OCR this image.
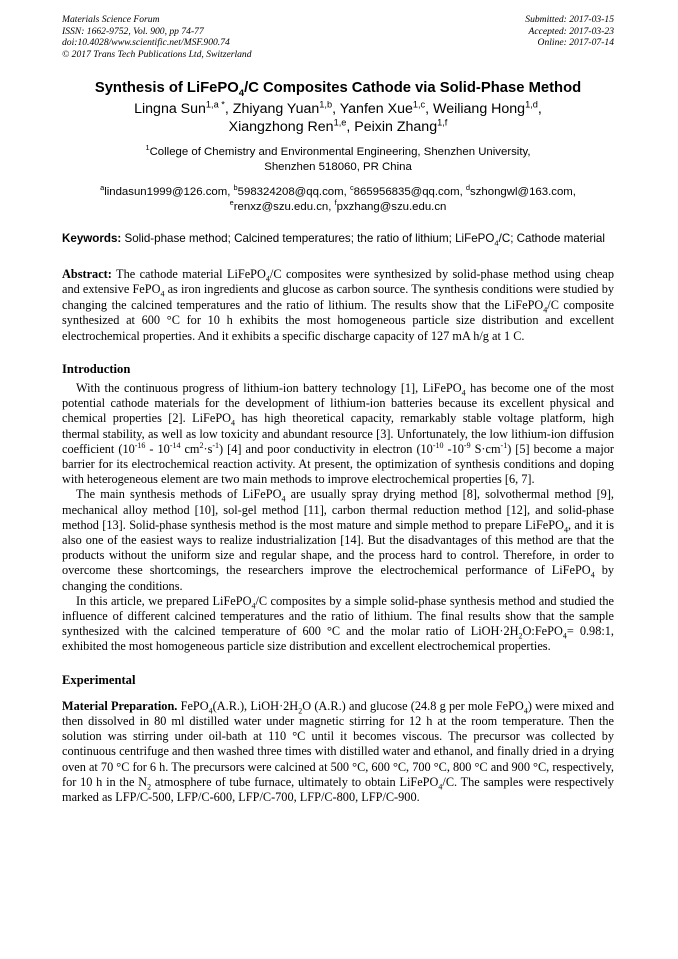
Materials Science Forum
ISSN: 1662-9752, Vol. 900, pp 74-77
doi:10.4028/www.scientific.net/MSF.900.74
© 2017 Trans Tech Publications Ltd, Switzerland
Submitted: 2017-03-15
Accepted: 2017-03-23
Online: 2017-07-14
Synthesis of LiFePO$_4$/C Composites Cathode via Solid-Phase Method
Lingna Sun$^{1,a *}$, Zhiyang Yuan$^{1,b}$, Yanfen Xue$^{1,c}$, Weiliang Hong$^{1,d}$,
Xiangzhong Ren$^{1,e}$, Peixin Zhang$^{1,f}$
$^1$College of Chemistry and Environmental Engineering, Shenzhen University,
Shenzhen 518060, PR China
$^a$lindasun1999@126.com, $^b$598324208@qq.com, $^c$865956835@qq.com, $^d$szhongwl@163.com,
$^e$renxz@szu.edu.cn, $^f$pxzhang@szu.edu.cn
Keywords: Solid-phase method; Calcined temperatures; the ratio of lithium; LiFePO$_4$/C; Cathode material
Abstract: The cathode material LiFePO$_4$/C composites were synthesized by solid-phase method using cheap and extensive FePO$_4$ as iron ingredients and glucose as carbon source. The synthesis conditions were studied by changing the calcined temperatures and the ratio of lithium. The results show that the LiFePO$_4$/C composite synthesized at 600 °C for 10 h exhibits the most homogeneous particle size distribution and excellent electrochemical properties. And it exhibits a specific discharge capacity of 127 mA h/g at 1 C.
Introduction

With the continuous progress of lithium-ion battery technology [1], LiFePO$_4$ has become one of the most potential cathode materials for the development of lithium-ion batteries because its excellent physical and chemical properties [2]. LiFePO$_4$ has high theoretical capacity, remarkably stable voltage platform, high thermal stability, as well as low toxicity and abundant resource [3]. Unfortunately, the low lithium-ion diffusion coefficient ($10^{-16} - 10^{-14}$ $cm^2\cdot s^{-1}$) [4] and poor conductivity in electron ($10^{-10}$ $-10^{-9}$ $S\cdot cm^{-1}$) [5] become a major barrier for its electrochemical reaction activity. At present, the optimization of synthesis conditions and doping with heterogeneous element are two main methods to improve electrochemical properties [6, 7].

The main synthesis methods of LiFePO$_4$ are usually spray drying method [8], solvothermal method [9], mechanical alloy method [10], sol-gel method [11], carbon thermal reduction method [12], and solid-phase method [13]. Solid-phase synthesis method is the most mature and simple method to prepare LiFePO$_4$, and it is also one of the easiest ways to realize industrialization [14]. But the disadvantages of this method are that the products without the uniform size and regular shape, and the process hard to control. Therefore, in order to overcome these shortcomings, the researchers improve the electrochemical performance of LiFePO$_4$ by changing the conditions.

In this article, we prepared LiFePO$_4$/C composites by a simple solid-phase synthesis method and studied the influence of different calcined temperatures and the ratio of lithium. The final results show that the sample synthesized with the calcined temperature of 600 °C and the molar ratio of $LiOH\cdot 2H_2O:FePO_4=$ 0.98:1, exhibited the most homogeneous particle size distribution and excellent electrochemical properties.

Experimental

Material Preparation. FePO$_4$(A.R.), $LiOH\cdot 2H_2O$ (A.R.) and glucose (24.8 g per mole FePO$_4$) were mixed and then dissolved in 80 ml distilled water under magnetic stirring for 12 h at the room temperature. Then the solution was stirring under oil-bath at 110 °C until it becomes viscous. The precursor was collected by continuous centrifuge and then washed three times with distilled water and ethanol, and finally dried in a drying oven at 70 °C for 6 h. The precursors were calcined at 500 °C, 600 °C, 700 °C, 800 °C and 900 °C, respectively, for 10 h in the $N_2$ atmosphere of tube furnace, ultimately to obtain LiFePO$_4$/C. The samples were respectively marked as LFP/C-500, LFP/C-600, LFP/C-700, LFP/C-800, LFP/C-900.
